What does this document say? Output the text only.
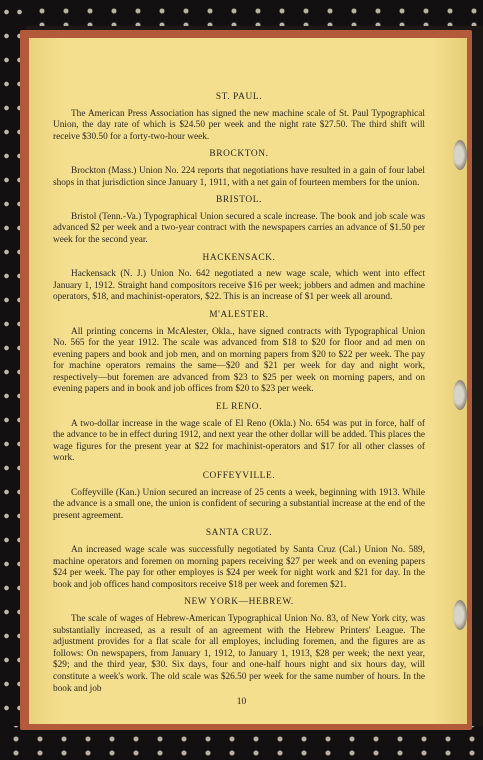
ST. PAUL.

The American Press Association has signed the new machine scale of St. Paul Typographical Union, the day rate of which is $24.50 per week and the night rate $27.50. The third shift will receive $30.50 for a forty-two-hour week.

BROCKTON.

Brockton (Mass.) Union No. 224 reports that negotiations have resulted in a gain of four label shops in that jurisdiction since January 1, 1911, with a net gain of fourteen members for the union.

BRISTOL.

Bristol (Tenn.-Va.) Typographical Union secured a scale increase. The book and job scale was advanced $2 per week and a two-year contract with the newspapers carries an advance of $1.50 per week for the second year.

HACKENSACK.

Hackensack (N. J.) Union No. 642 negotiated a new wage scale, which went into effect January 1, 1912. Straight hand compositors receive $16 per week; jobbers and admen and machine operators, $18, and machinist-operators, $22. This is an increase of $1 per week all around.

M'ALESTER.

All printing concerns in McAlester, Okla., have signed contracts with Typographical Union No. 565 for the year 1912. The scale was advanced from $18 to $20 for floor and ad men on evening papers and book and job men, and on morning papers from $20 to $22 per week. The pay for machine operators remains the same—$20 and $21 per week for day and night work, respectively—but foremen are advanced from $23 to $25 per week on morning papers, and on evening papers and in book and job offices from $20 to $23 per week.

EL RENO.

A two-dollar increase in the wage scale of El Reno (Okla.) No. 654 was put in force, half of the advance to be in effect during 1912, and next year the other dollar will be added. This places the wage figures for the present year at $22 for machinist-operators and $17 for all other classes of work.

COFFEYVILLE.

Coffeyville (Kan.) Union secured an increase of 25 cents a week, beginning with 1913. While the advance is a small one, the union is confident of securing a substantial increase at the end of the present agreement.

SANTA CRUZ.

An increased wage scale was successfully negotiated by Santa Cruz (Cal.) Union No. 589, machine operators and foremen on morning papers receiving $27 per week and on evening papers $24 per week. The pay for other employes is $24 per week for night work and $21 for day. In the book and job offices hand compositors receive $18 per week and foremen $21.

NEW YORK—HEBREW.

The scale of wages of Hebrew-American Typographical Union No. 83, of New York city, was substantially increased, as a result of an agreement with the Hebrew Printers' League. The adjustment provides for a flat scale for all employes, including foremen, and the figures are as follows: On newspapers, from January 1, 1912, to January 1, 1913, $28 per week; the next year, $29; and the third year, $30. Six days, four and one-half hours night and six hours day, will constitute a week's work. The old scale was $26.50 per week for the same number of hours. In the book and job

10
